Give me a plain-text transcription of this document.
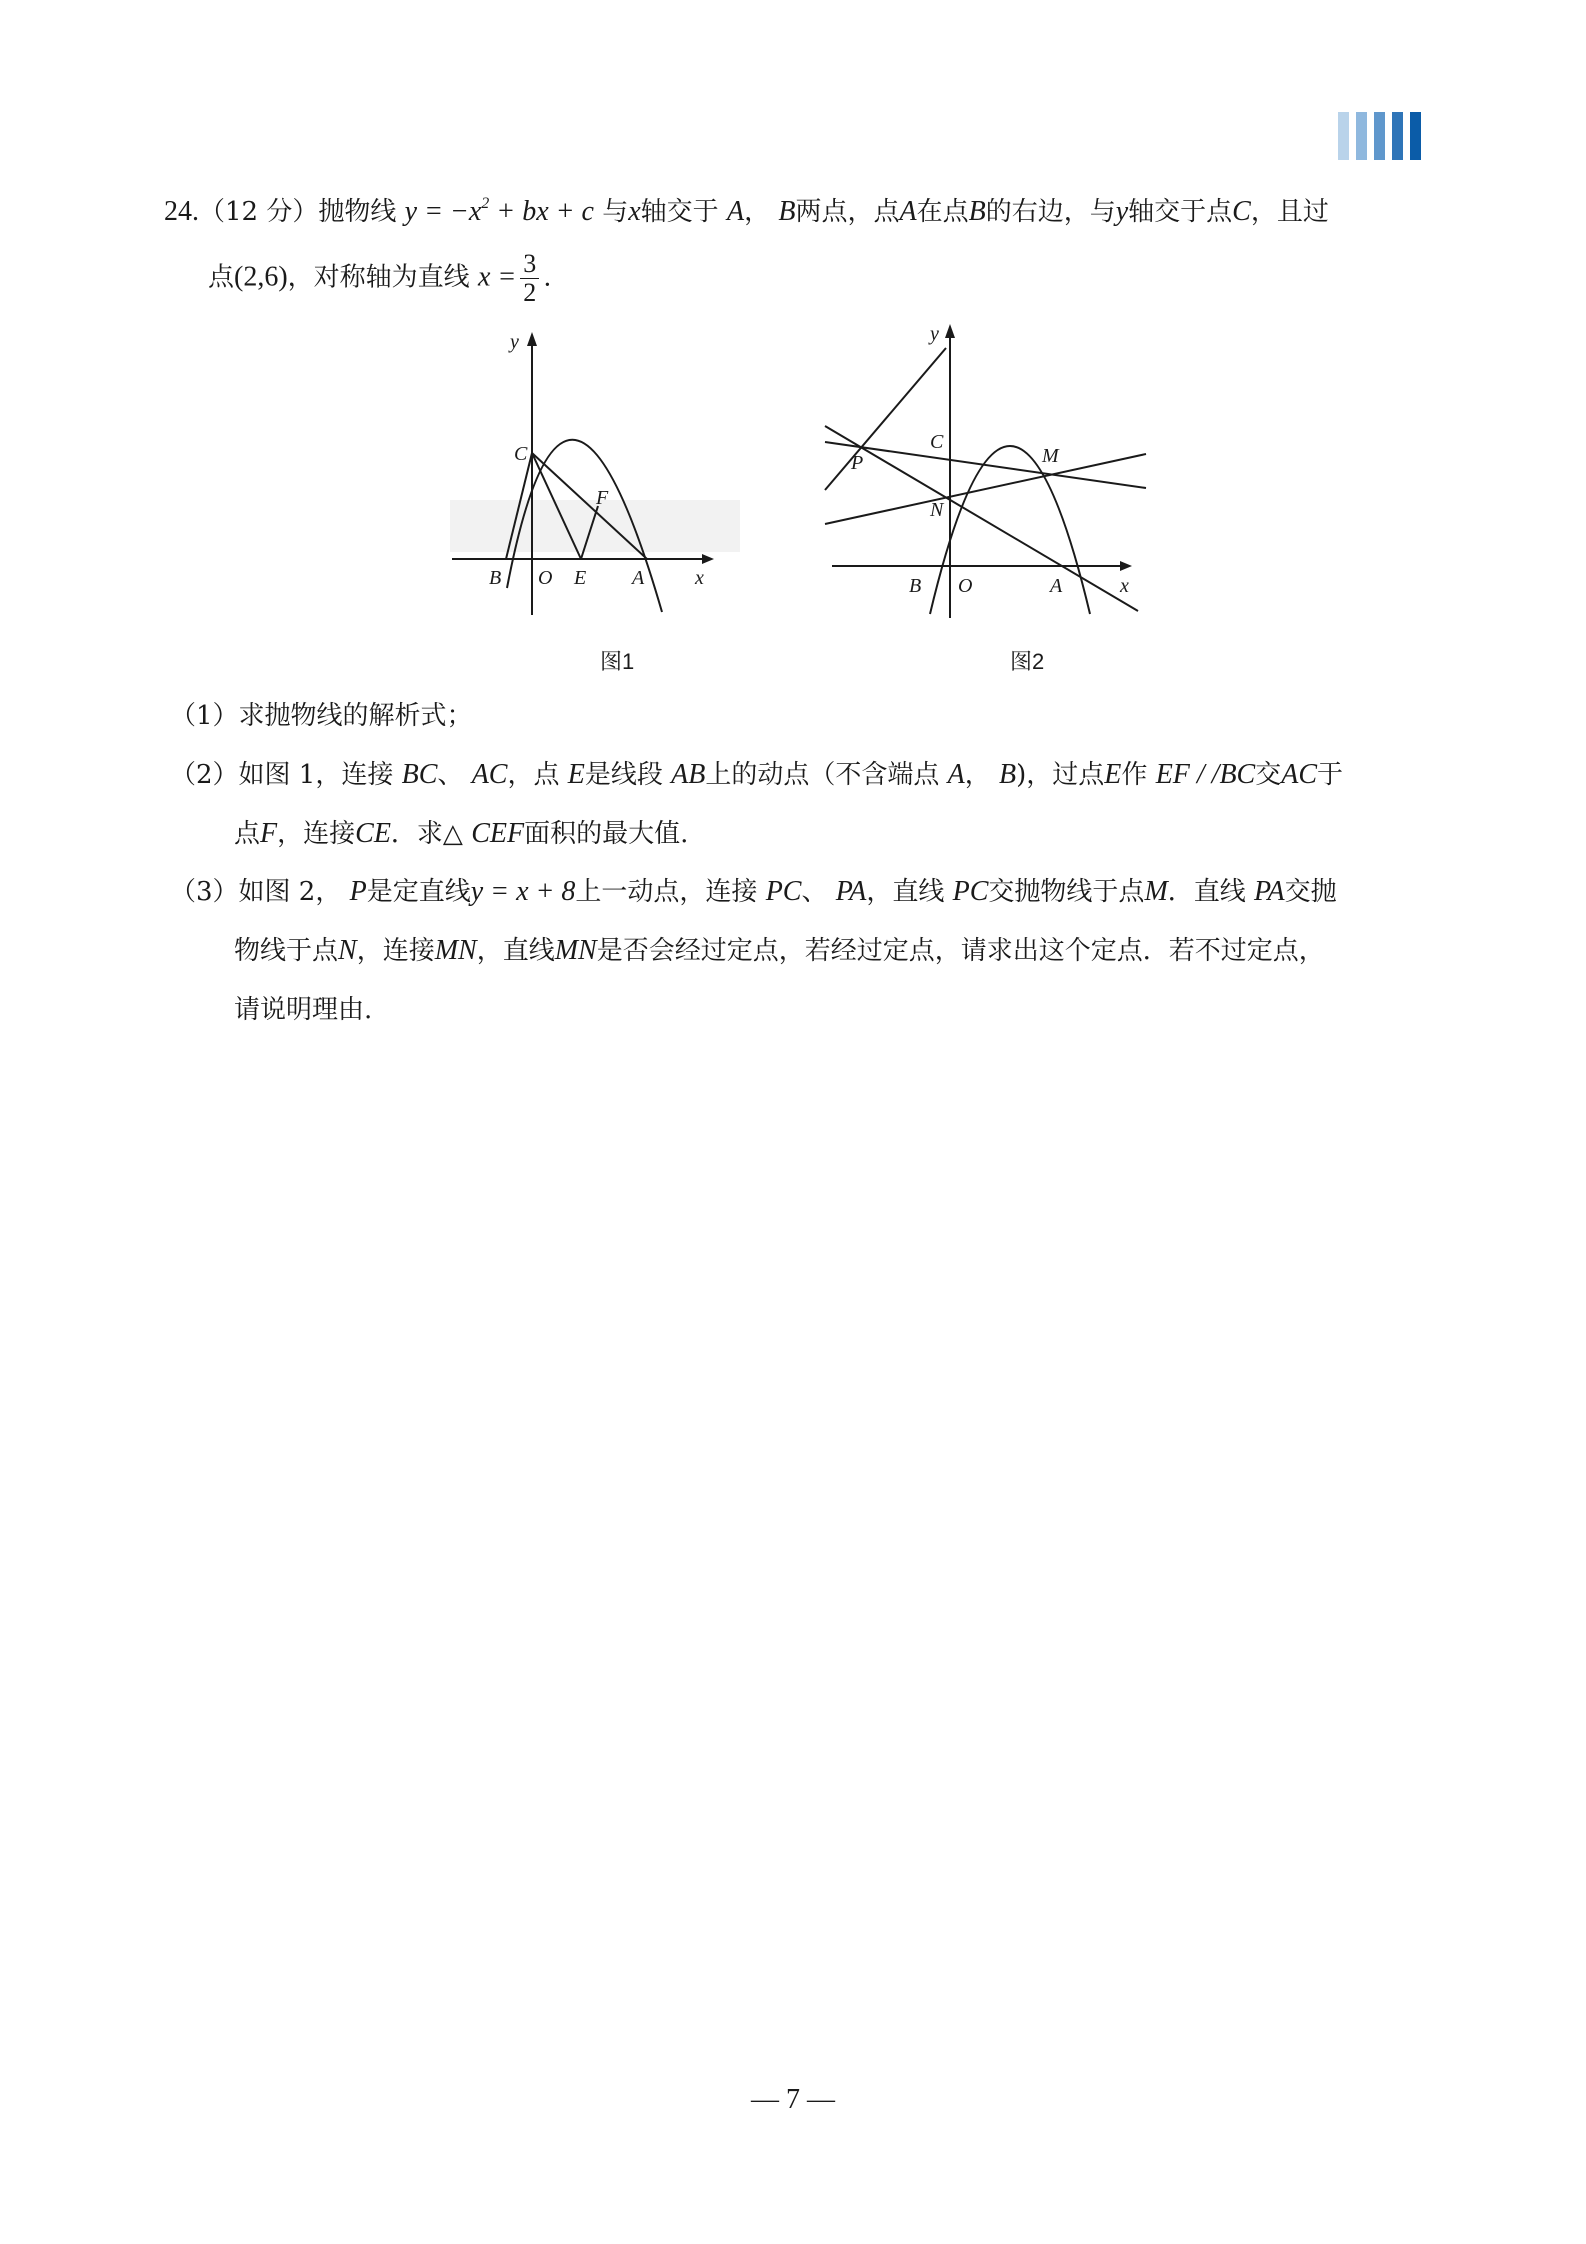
24.（12 分）抛物线 $y = -x^2$ + bx + c 与x轴交于 A， B两点，点A在点B的右边，与y轴交于点C，且过
点(2,6)，对称轴为直线 $x = \frac{3}{2}$ .
y
x
C
F
B O E A
图1
y
x
C
P	M
N
B O	A
图2
（1）求抛物线的解析式；
（2）如图 1，连接 BC、 AC，点 E是线段 AB上的动点（不含端点 A， B)，过点E作 EF / /BC交AC于
点F，连接CE．求△ CEF面积的最大值.
（3）如图 2， P是定直线y = x + 8上一动点，连接 PC、 PA，直线 PC交抛物线于点M．直线 PA交抛
物线于点N，连接MN，直线MN是否会经过定点，若经过定点，请求出这个定点．若不过定点，
请说明理由.
— 7 —
